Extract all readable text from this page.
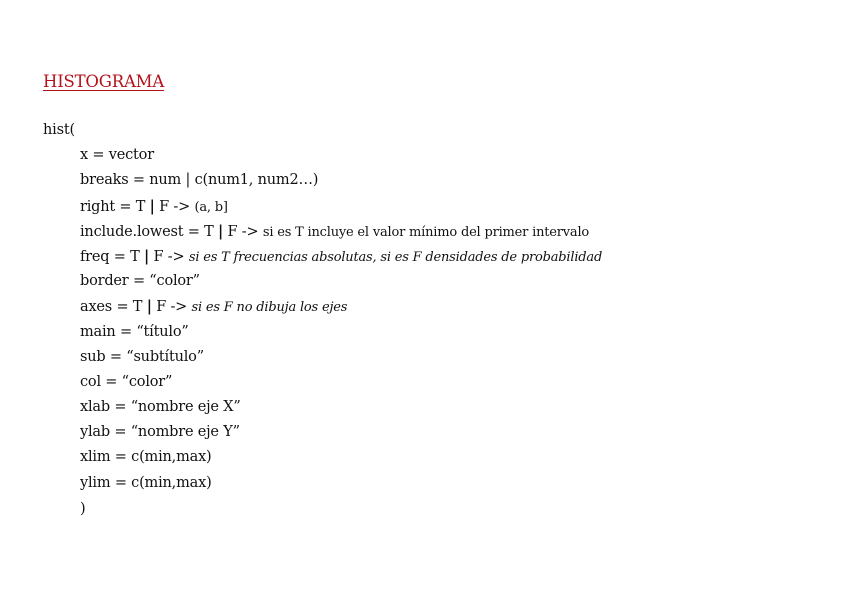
HISTOGRAMA
hist(
x = vector
breaks = num | c(num1, num2…)
right = T | F -> (a, b]
include.lowest = T | F -> si es T incluye el valor mínimo del primer intervalo
freq = T | F -> si es T frecuencias absolutas, si es F densidades de probabilidad
border = “color”
axes = T | F -> si es F no dibuja los ejes
main = “título”
sub = “subtítulo”
col = “color”
xlab = “nombre eje X”
ylab = “nombre eje Y”
xlim = c(min,max)
ylim = c(min,max)
)
